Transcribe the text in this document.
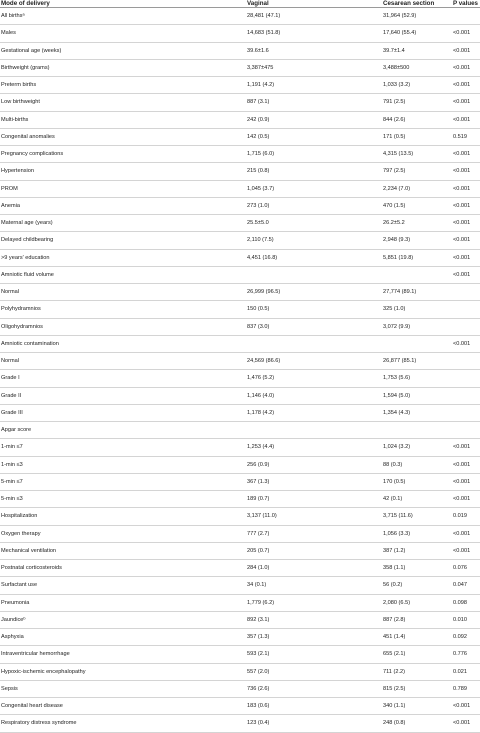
Mode of delivery	Vaginal	Cesarean section	P values
All birthsᵃ	28,481 (47.1)	31,964 (52.9)	
Males	14,683 (51.8)	17,640 (55.4)	<0.001
Gestational age (weeks)	39.6±1.6	39.7±1.4	<0.001
Birthweight (grams)	3,387±475	3,488±500	<0.001
Preterm births	1,191 (4.2)	1,033 (3.2)	<0.001
Low birthweight	887 (3.1)	791 (2.5)	<0.001
Multi-births	242 (0.9)	844 (2.6)	<0.001
Congenital anomalies	142 (0.5)	171 (0.5)	0.519
Pregnancy complications	1,715 (6.0)	4,315 (13.5)	<0.001
Hypertension	215 (0.8)	797 (2.5)	<0.001
PROM	1,045 (3.7)	2,234 (7.0)	<0.001
Anemia	273 (1.0)	470 (1.5)	<0.001
Maternal age (years)	25.5±5.0	26.2±5.2	<0.001
Delayed childbearing	2,110 (7.5)	2,948 (9.3)	<0.001
>9 years' education	4,451 (16.8)	5,851 (19.8)	<0.001
Amniotic fluid volume			<0.001
Normal	26,999 (96.5)	27,774 (89.1)	
Polyhydramnios	150 (0.5)	325 (1.0)	
Oligohydramnios	837 (3.0)	3,072 (9.9)	
Amniotic contamination			<0.001
Normal	24,569 (86.6)	26,877 (85.1)	
Grade I	1,476 (5.2)	1,753 (5.6)	
Grade II	1,146 (4.0)	1,594 (5.0)	
Grade III	1,178 (4.2)	1,354 (4.3)	
Apgar score			
1-min ≤7	1,253 (4.4)	1,024 (3.2)	<0.001
1-min ≤3	256 (0.9)	88 (0.3)	<0.001
5-min ≤7	367 (1.3)	170 (0.5)	<0.001
5-min ≤3	189 (0.7)	42 (0.1)	<0.001
Hospitalization	3,137 (11.0)	3,715 (11.6)	0.019
Oxygen therapy	777 (2.7)	1,056 (3.3)	<0.001
Mechanical ventilation	205 (0.7)	387 (1.2)	<0.001
Postnatal corticosteroids	284 (1.0)	358 (1.1)	0.076
Surfactant use	34 (0.1)	56 (0.2)	0.047
Pneumonia	1,779 (6.2)	2,080 (6.5)	0.098
Jaundiceᵇ	892 (3.1)	887 (2.8)	0.010
Asphyxia	357 (1.3)	451 (1.4)	0.092
Intraventricular hemorrhage	593 (2.1)	655 (2.1)	0.776
Hypoxic-ischemic encephalopathy	557 (2.0)	711 (2.2)	0.021
Sepsis	736 (2.6)	815 (2.5)	0.789
Congenital heart disease	183 (0.6)	340 (1.1)	<0.001
Respiratory distress syndrome	123 (0.4)	248 (0.8)	<0.001
